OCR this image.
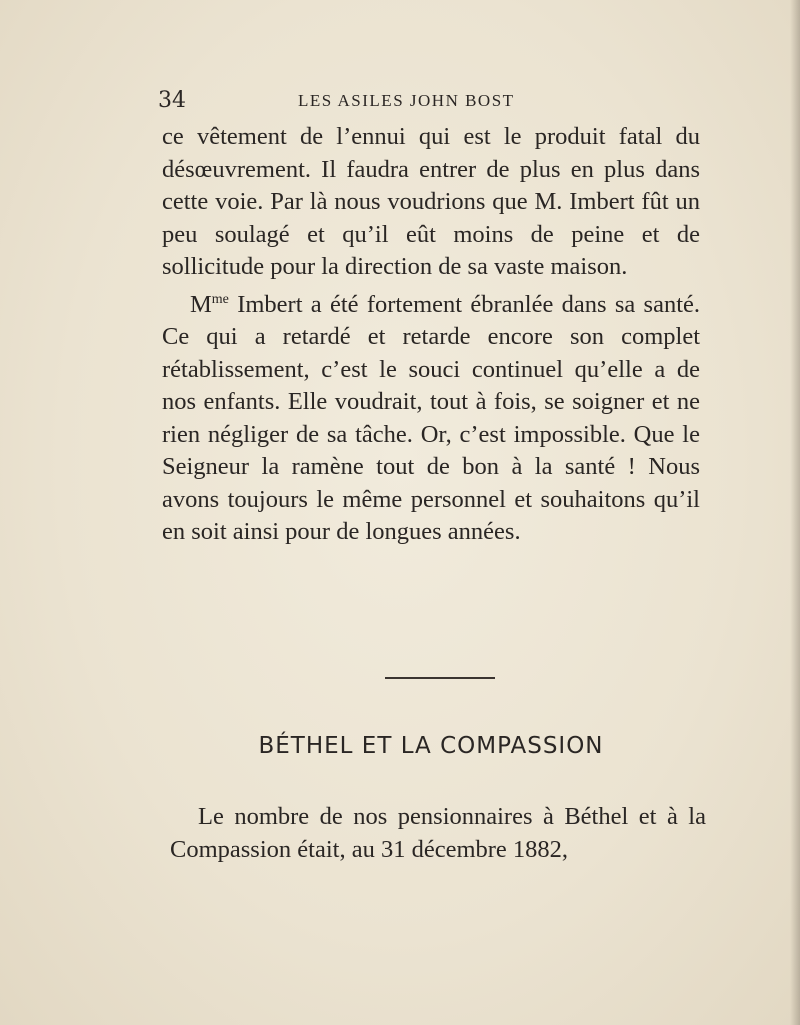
34	LES ASILES JOHN BOST

ce vêtement de l’ennui qui est le produit fatal du désœuvrement. Il faudra entrer de plus en plus dans cette voie. Par là nous voudrions que M. Imbert fût un peu soulagé et qu’il eût moins de peine et de sollicitude pour la direction de sa vaste maison.

$M^{me}$ Imbert a été fortement ébranlée dans sa santé. Ce qui a retardé et retarde encore son complet rétablissement, c’est le souci continuel qu’elle a de nos enfants. Elle voudrait, tout à fois, se soigner et ne rien négliger de sa tâche. Or, c’est impossible. Que le Seigneur la ramène tout de bon à la santé ! Nous avons toujours le même personnel et souhaitons qu’il en soit ainsi pour de longues années.

BÉTHEL ET LA COMPASSION

Le nombre de nos pensionnaires à Béthel et à la Compassion était, au 31 décembre 1882,
